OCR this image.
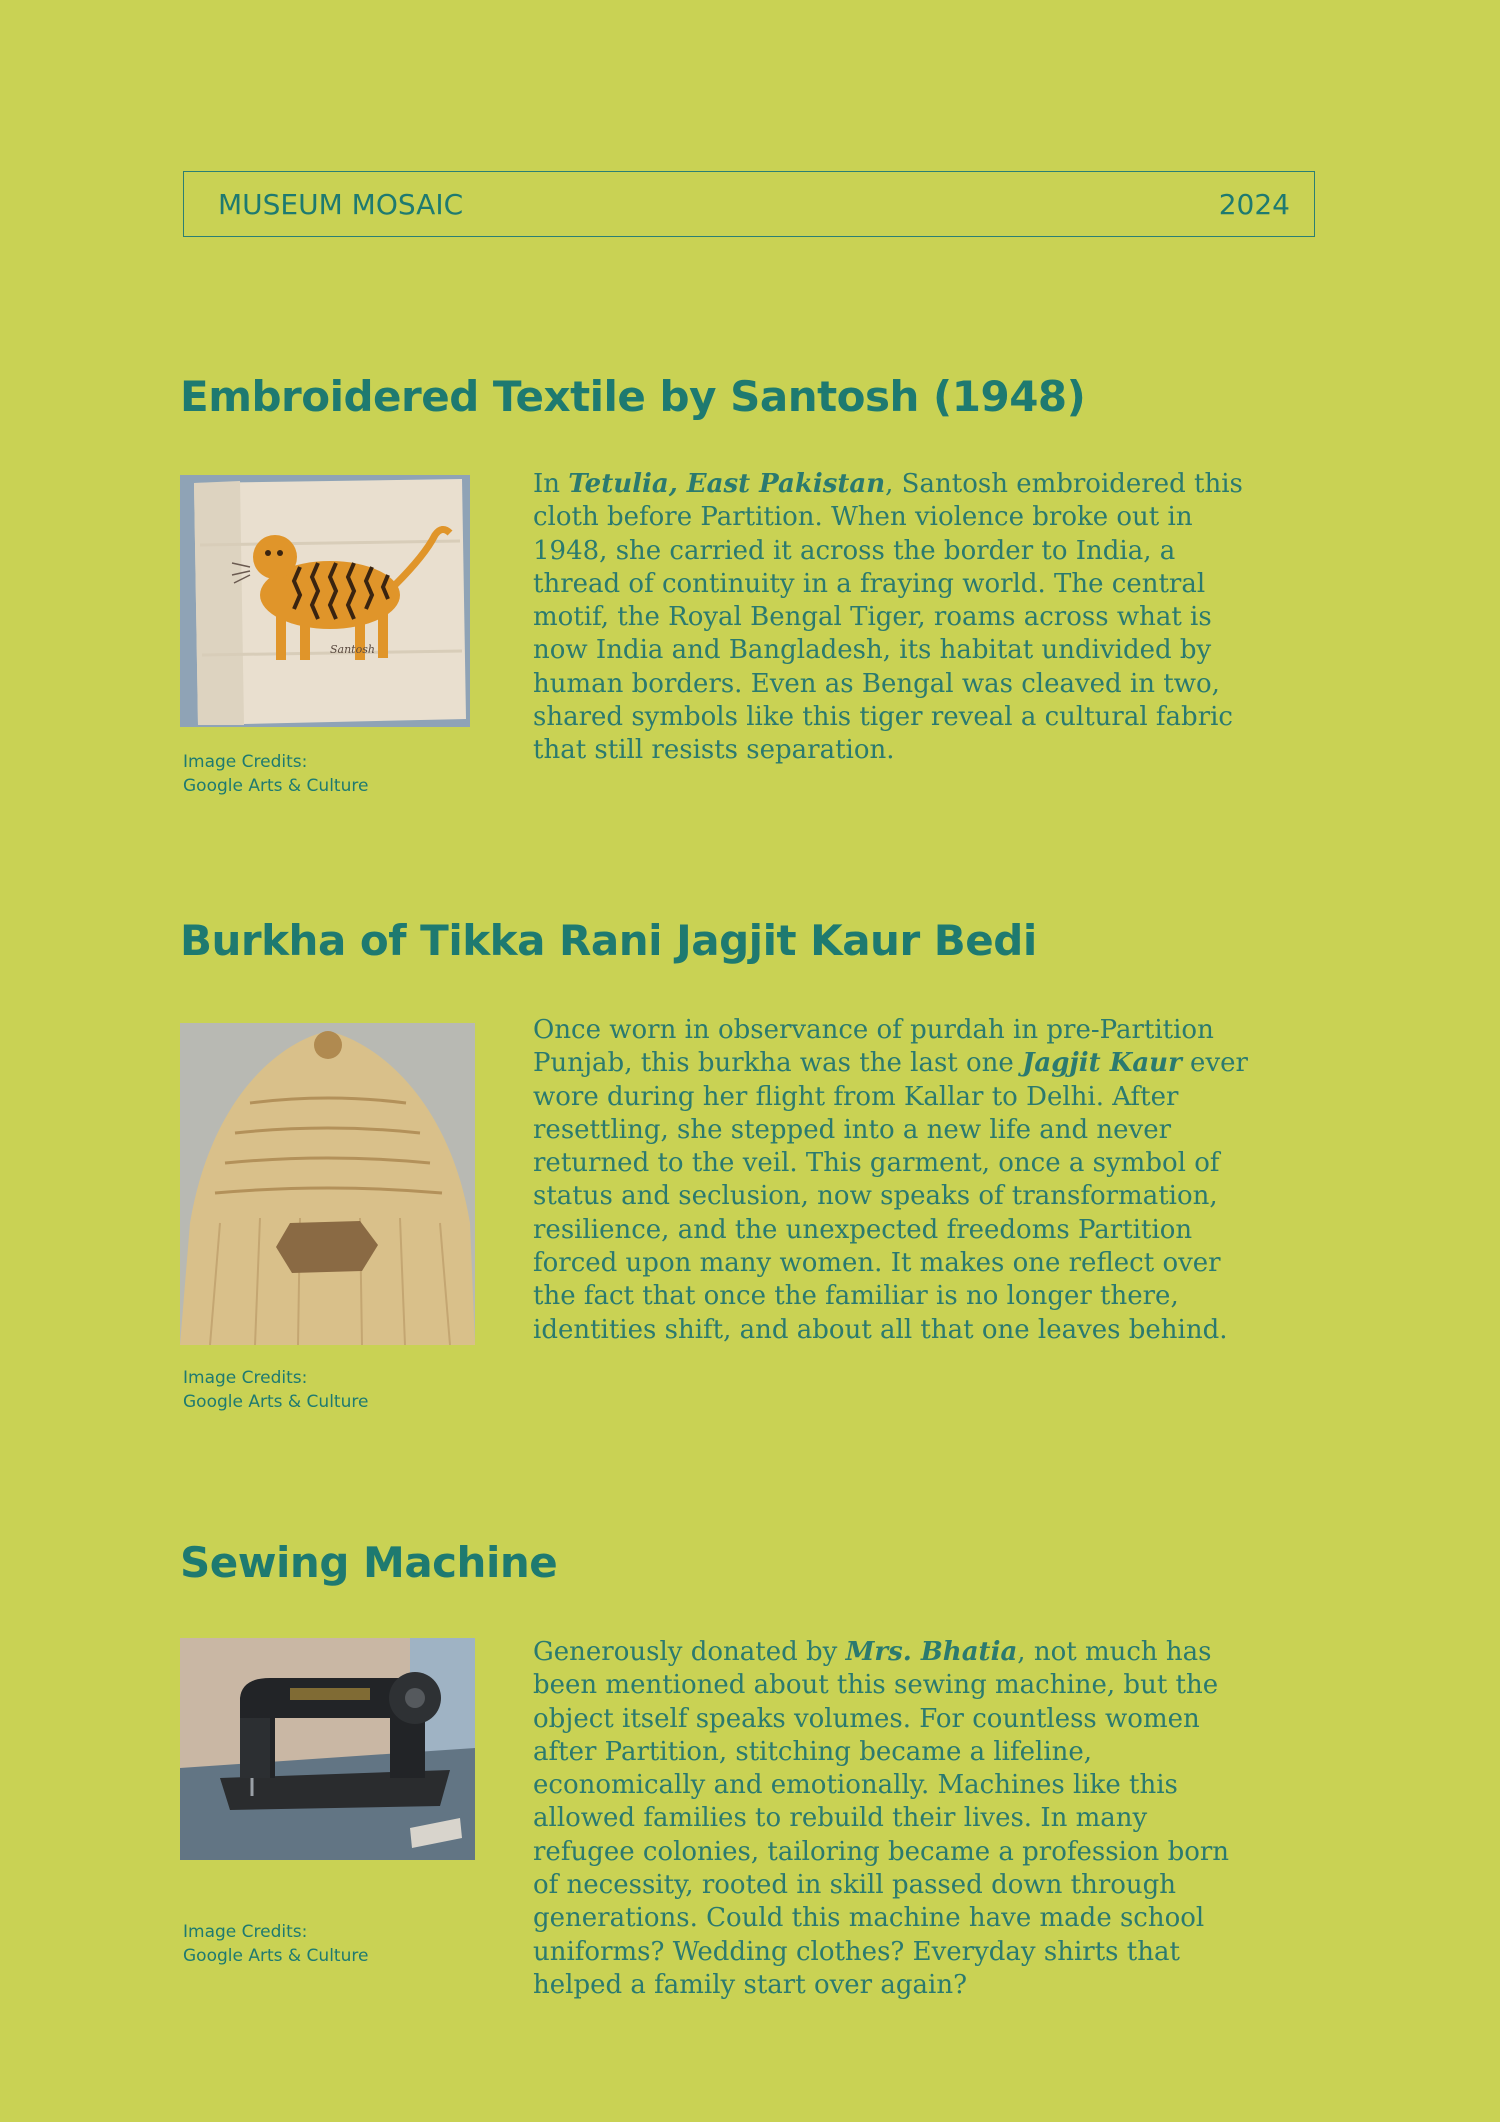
MUSEUM MOSAIC	2024
Embroidered Textile by Santosh (1948)
Santosh
Image Credits:
Google Arts & Culture

In Tetulia, East Pakistan, Santosh embroidered this cloth before Partition. When violence broke out in 1948, she carried it across the border to India, a thread of continuity in a fraying world. The central motif, the Royal Bengal Tiger, roams across what is now India and Bangladesh, its habitat undivided by human borders. Even as Bengal was cleaved in two, shared symbols like this tiger reveal a cultural fabric that still resists separation.

Burkha of Tikka Rani Jagjit Kaur Bedi
Image Credits:
Google Arts & Culture

Once worn in observance of purdah in pre-Partition Punjab, this burkha was the last one Jagjit Kaur ever wore during her flight from Kallar to Delhi. After resettling, she stepped into a new life and never returned to the veil. This garment, once a symbol of status and seclusion, now speaks of transformation, resilience, and the unexpected freedoms Partition forced upon many women. It makes one reflect over the fact that once the familiar is no longer there, identities shift, and about all that one leaves behind.

Sewing Machine
Image Credits:
Google Arts & Culture

Generously donated by Mrs. Bhatia, not much has been mentioned about this sewing machine, but the object itself speaks volumes. For countless women after Partition, stitching became a lifeline, economically and emotionally. Machines like this allowed families to rebuild their lives. In many refugee colonies, tailoring became a profession born of necessity, rooted in skill passed down through generations. Could this machine have made school uniforms? Wedding clothes? Everyday shirts that helped a family start over again?
